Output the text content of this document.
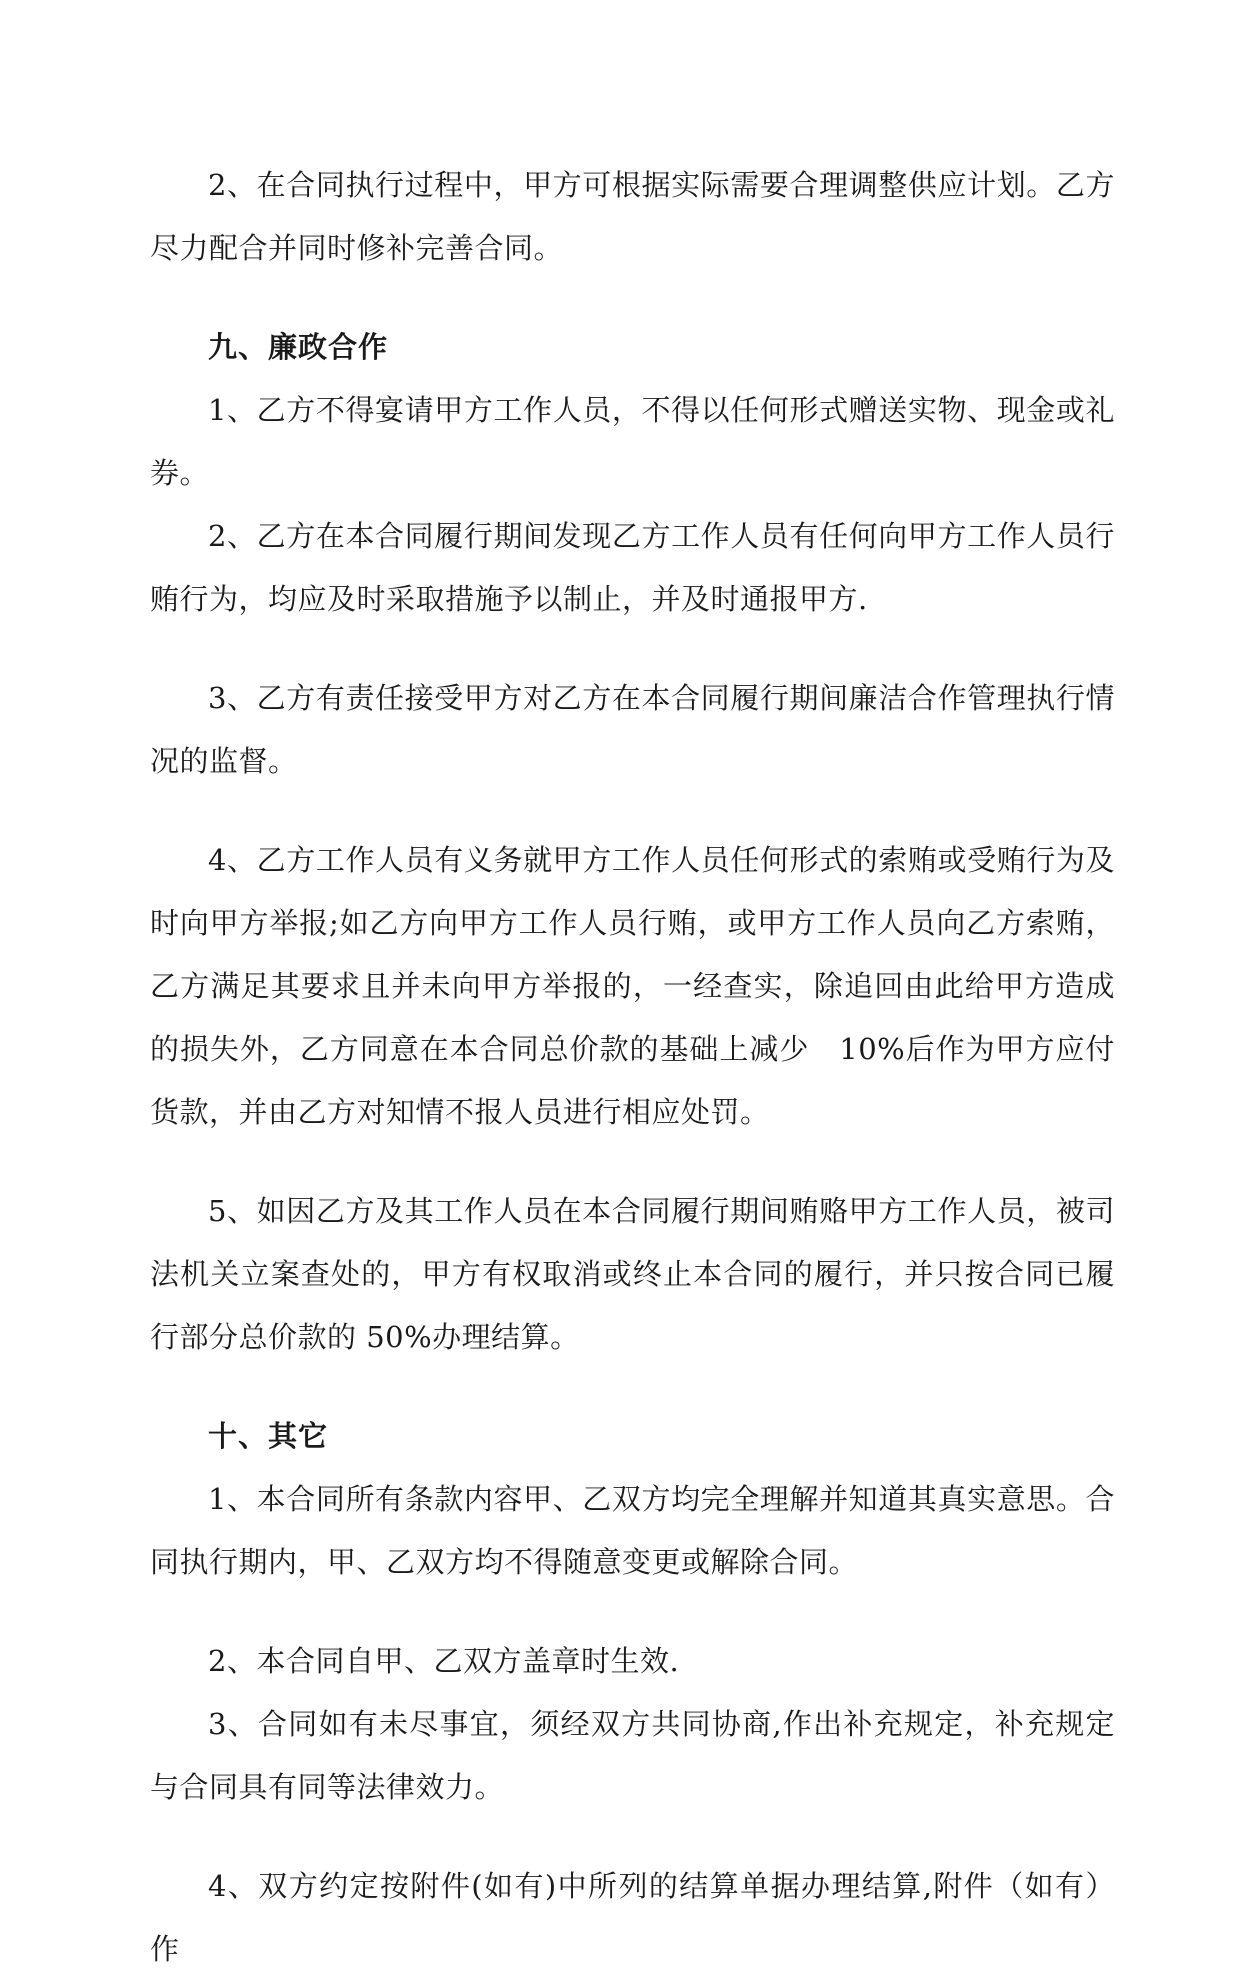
2、在合同执行过程中，甲方可根据实际需要合理调整供应计划。乙方尽力配合并同时修补完善合同。

九、廉政合作

1、乙方不得宴请甲方工作人员，不得以任何形式赠送实物、现金或礼券。

2、乙方在本合同履行期间发现乙方工作人员有任何向甲方工作人员行贿行为，均应及时采取措施予以制止，并及时通报甲方.

3、乙方有责任接受甲方对乙方在本合同履行期间廉洁合作管理执行情况的监督。

4、乙方工作人员有义务就甲方工作人员任何形式的索贿或受贿行为及时向甲方举报;如乙方向甲方工作人员行贿，或甲方工作人员向乙方索贿，乙方满足其要求且并未向甲方举报的，一经查实，除追回由此给甲方造成的损失外，乙方同意在本合同总价款的基础上减少　10%后作为甲方应付货款，并由乙方对知情不报人员进行相应处罚。

5、如因乙方及其工作人员在本合同履行期间贿赂甲方工作人员，被司法机关立案查处的，甲方有权取消或终止本合同的履行，并只按合同已履行部分总价款的 50%办理结算。

十、其它

1、本合同所有条款内容甲、乙双方均完全理解并知道其真实意思。合同执行期内，甲、乙双方均不得随意变更或解除合同。

2、本合同自甲、乙双方盖章时生效.

3、合同如有未尽事宜，须经双方共同协商,作出补充规定，补充规定与合同具有同等法律效力。

4、双方约定按附件(如有)中所列的结算单据办理结算,附件（如有）作
